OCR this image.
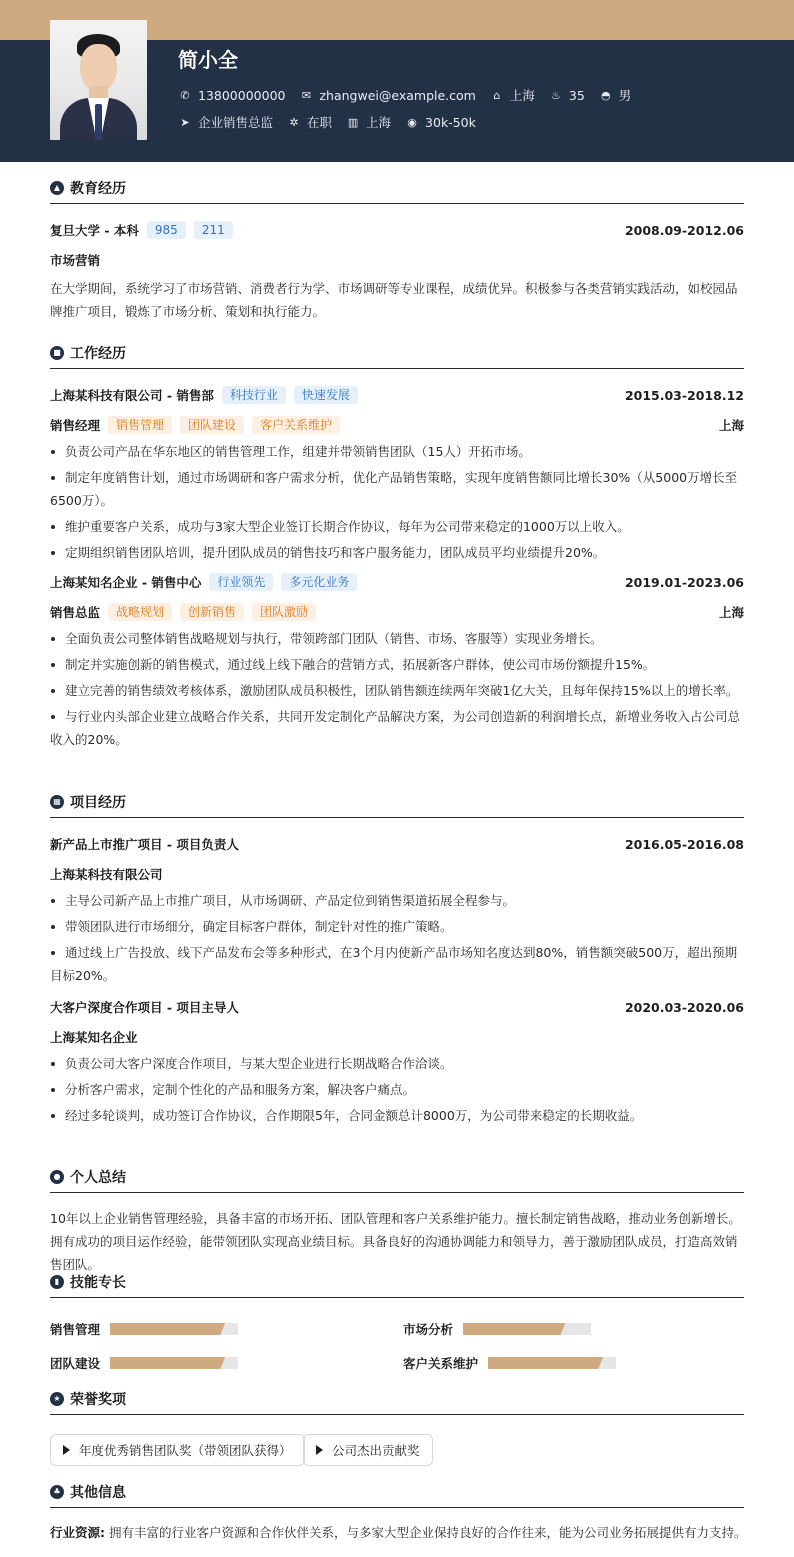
简小全
✆ 13800000000 ✉ zhangwei@example.com	⌂ 上海 ♨ 35 ◓ 男
➤ 企业销售总监 ✲ 在职 ▥ 上海 ◉ 30k-50k
▲ 教育经历
复旦大学 - 本科	985	211	2008.09-2012.06
市场营销
在大学期间，系统学习了市场营销、消费者行为学、市场调研等专业课程，成绩优异。积极参与各类营销实践活动，如校园品牌推广项目，锻炼了市场分析、策划和执行能力。
■ 工作经历
上海某科技有限公司 - 销售部	科技行业	快速发展	2015.03-2018.12
销售经理	销售管理	团队建设	客户关系维护	上海
负责公司产品在华东地区的销售管理工作，组建并带领销售团队（15人）开拓市场。
制定年度销售计划，通过市场调研和客户需求分析，优化产品销售策略，实现年度销售额同比增长30%（从5000万增长至6500万）。
维护重要客户关系，成功与3家大型企业签订长期合作协议，每年为公司带来稳定的1000万以上收入。
定期组织销售团队培训，提升团队成员的销售技巧和客户服务能力，团队成员平均业绩提升20%。
上海某知名企业 - 销售中心	行业领先	多元化业务	2019.01-2023.06
销售总监	战略规划	创新销售	团队激励	上海
全面负责公司整体销售战略规划与执行，带领跨部门团队（销售、市场、客服等）实现业务增长。
制定并实施创新的销售模式，通过线上线下融合的营销方式，拓展新客户群体，使公司市场份额提升15%。
建立完善的销售绩效考核体系，激励团队成员积极性，团队销售额连续两年突破1亿大关，且每年保持15%以上的增长率。
与行业内头部企业建立战略合作关系，共同开发定制化产品解决方案，为公司创造新的利润增长点，新增业务收入占公司总收入的20%。
▦ 项目经历
新产品上市推广项目 - 项目负责人	2016.05-2016.08
上海某科技有限公司
主导公司新产品上市推广项目，从市场调研、产品定位到销售渠道拓展全程参与。
带领团队进行市场细分，确定目标客户群体，制定针对性的推广策略。
通过线上广告投放、线下产品发布会等多种形式，在3个月内使新产品市场知名度达到80%，销售额突破500万，超出预期目标20%。
大客户深度合作项目 - 项目主导人	2020.03-2020.06
上海某知名企业
负责公司大客户深度合作项目，与某大型企业进行长期战略合作洽谈。
分析客户需求，定制个性化的产品和服务方案，解决客户痛点。
经过多轮谈判，成功签订合作协议，合作期限5年，合同金额总计8000万，为公司带来稳定的长期收益。
● 个人总结
10年以上企业销售管理经验，具备丰富的市场开拓、团队管理和客户关系维护能力。擅长制定销售战略，推动业务创新增长。拥有成功的项目运作经验，能带领团队实现高业绩目标。具备良好的沟通协调能力和领导力，善于激励团队成员，打造高效销售团队。
▮ 技能专长
销售管理	市场分析
团队建设	客户关系维护
★ 荣誉奖项
年度优秀销售团队奖（带领团队获得）	公司杰出贡献奖
♣ 其他信息
行业资源: 拥有丰富的行业客户资源和合作伙伴关系，与多家大型企业保持良好的合作往来，能为公司业务拓展提供有力支持。
